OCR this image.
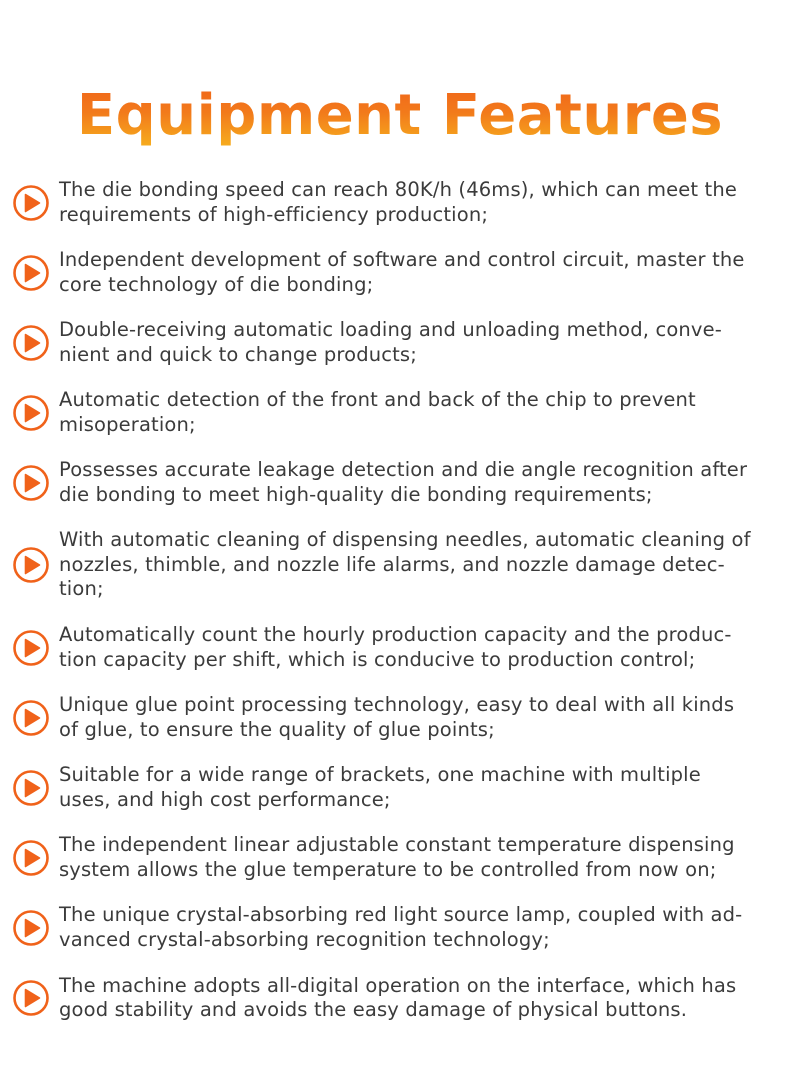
Equipment Features
The die bonding speed can reach 80K/h (46ms), which can meet the
requirements of high-efficiency production;
Independent development of software and control circuit, master the
core technology of die bonding;
Double-receiving automatic loading and unloading method, conve-
nient and quick to change products;
Automatic detection of the front and back of the chip to prevent
misoperation;
Possesses accurate leakage detection and die angle recognition after
die bonding to meet high-quality die bonding requirements;
With automatic cleaning of dispensing needles, automatic cleaning of
nozzles, thimble, and nozzle life alarms, and nozzle damage detec-
tion;
Automatically count the hourly production capacity and the produc-
tion capacity per shift, which is conducive to production control;
Unique glue point processing technology, easy to deal with all kinds
of glue, to ensure the quality of glue points;
Suitable for a wide range of brackets, one machine with multiple
uses, and high cost performance;
The independent linear adjustable constant temperature dispensing
system allows the glue temperature to be controlled from now on;
The unique crystal-absorbing red light source lamp, coupled with ad-
vanced crystal-absorbing recognition technology;
The machine adopts all-digital operation on the interface, which has
good stability and avoids the easy damage of physical buttons.
